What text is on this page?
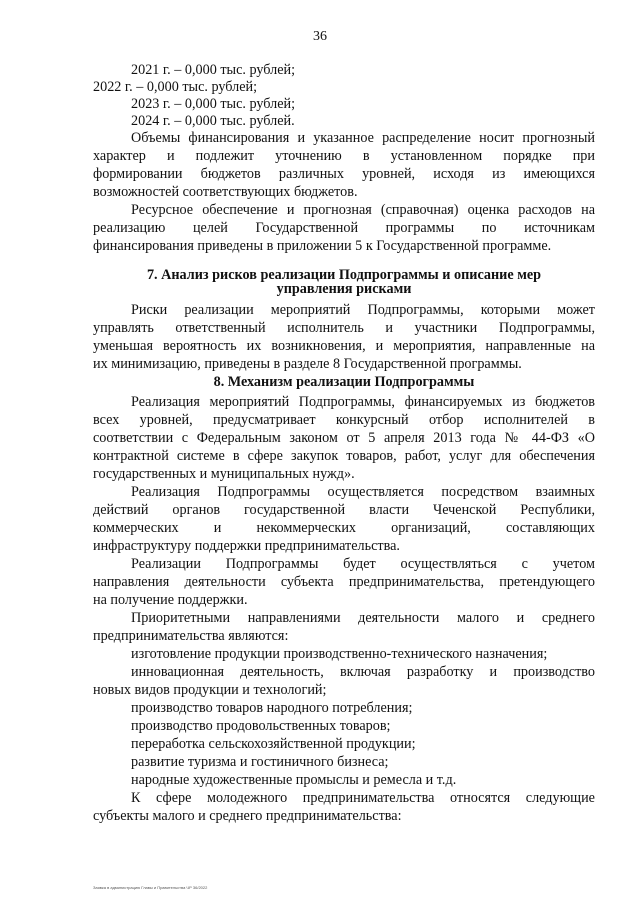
36
2021 г. – 0,000 тыс. рублей;
2022 г. – 0,000 тыс. рублей;
2023 г. – 0,000 тыс. рублей;
2024 г. – 0,000 тыс. рублей.
Объемы финансирования и указанное распределение носит прогнозный
характер и подлежит уточнению в установленном порядке при
формировании бюджетов различных уровней, исходя из имеющихся
возможностей соответствующих бюджетов.
Ресурсное обеспечение и прогнозная (справочная) оценка расходов на
реализацию целей Государственной программы по источникам
финансирования приведены в приложении 5 к Государственной программе.
7. Анализ рисков реализации Подпрограммы и описание мер
управления рисками
Риски реализации мероприятий Подпрограммы, которыми может
управлять ответственный исполнитель и участники Подпрограммы,
уменьшая вероятность их возникновения, и мероприятия, направленные на
их минимизацию, приведены в разделе 8 Государственной программы.
8. Механизм реализации Подпрограммы
Реализация мероприятий Подпрограммы, финансируемых из бюджетов
всех уровней, предусматривает конкурсный отбор исполнителей в
соответствии с Федеральным законом от 5 апреля 2013 года № 44-ФЗ «О
контрактной системе в сфере закупок товаров, работ, услуг для обеспечения
государственных и муниципальных нужд».
Реализация Подпрограммы осуществляется посредством взаимных
действий органов государственной власти Чеченской Республики,
коммерческих и некоммерческих организаций, составляющих
инфраструктуру поддержки предпринимательства.
Реализации Подпрограммы будет осуществляться с учетом
направления деятельности субъекта предпринимательства, претендующего
на получение поддержки.
Приоритетными направлениями деятельности малого и среднего
предпринимательства являются:
изготовление продукции производственно-технического назначения;
инновационная деятельность, включая разработку и производство
новых видов продукции и технологий;
производство товаров народного потребления;
производство продовольственных товаров;
переработка сельскохозяйственной продукции;
развитие туризма и гостиничного бизнеса;
народные художественные промыслы и ремесла и т.д.
К сфере молодежного предпринимательства относятся следующие
субъекты малого и среднего предпринимательства:
Заявка в администрацию Главы и Правительства ЧР 36/2022
